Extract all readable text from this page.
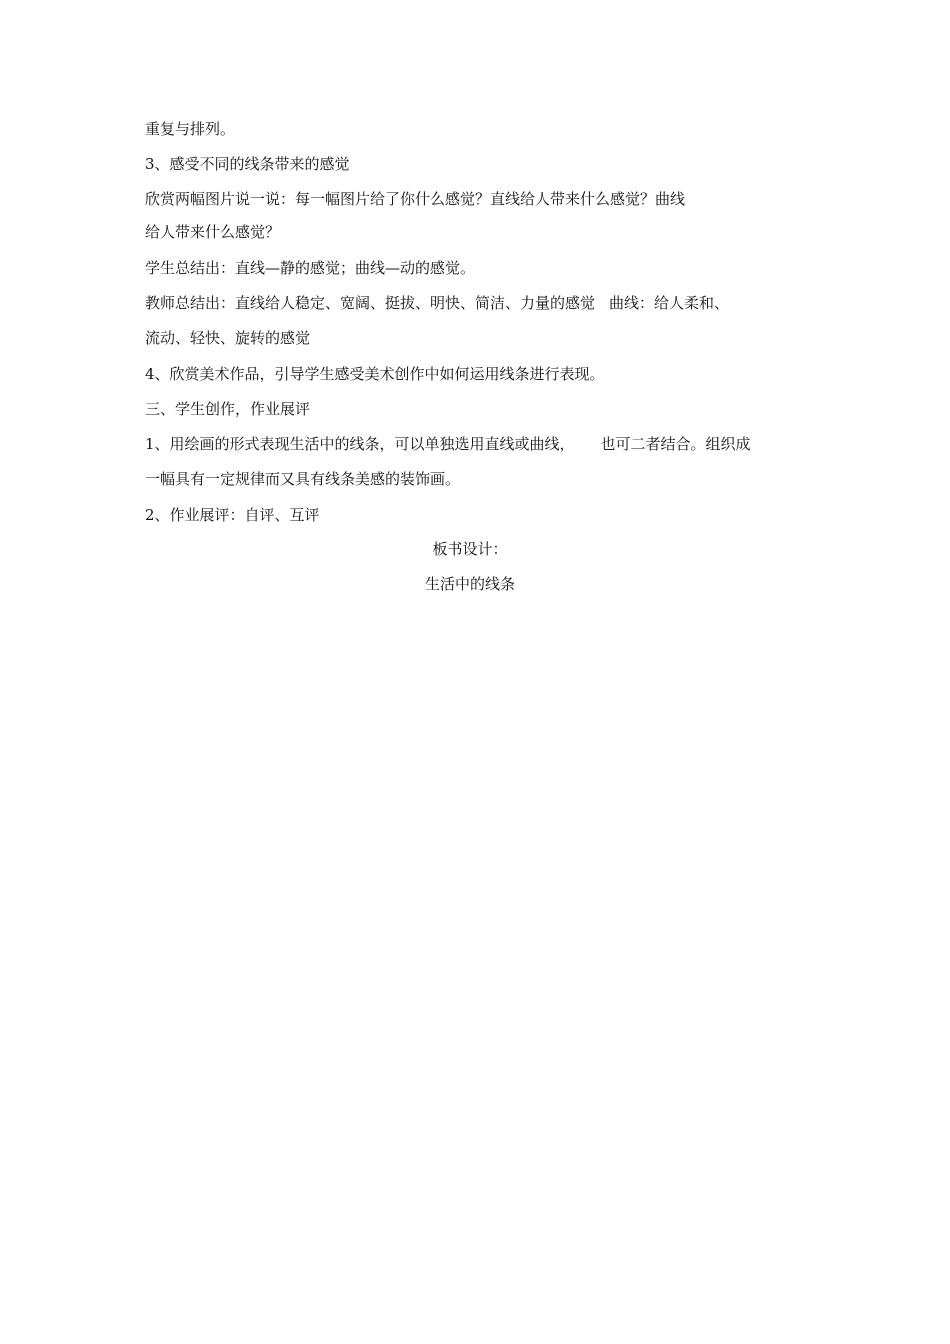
重复与排列。
3、感受不同的线条带来的感觉
欣赏两幅图片说一说：每一幅图片给了你什么感觉？直线给人带来什么感觉？曲线
给人带来什么感觉？
学生总结出：直线—静的感觉；曲线—动的感觉。
教师总结出：直线给人稳定、宽阔、挺拔、明快、简洁、力量的感觉 曲线：给人柔和、
流动、轻快、旋转的感觉
4、欣赏美术作品，引导学生感受美术创作中如何运用线条进行表现。
三、学生创作，作业展评
1、用绘画的形式表现生活中的线条，可以单独选用直线或曲线， 也可二者结合。组织成
一幅具有一定规律而又具有线条美感的装饰画。
2、作业展评：自评、互评
板书设计：
生活中的线条
